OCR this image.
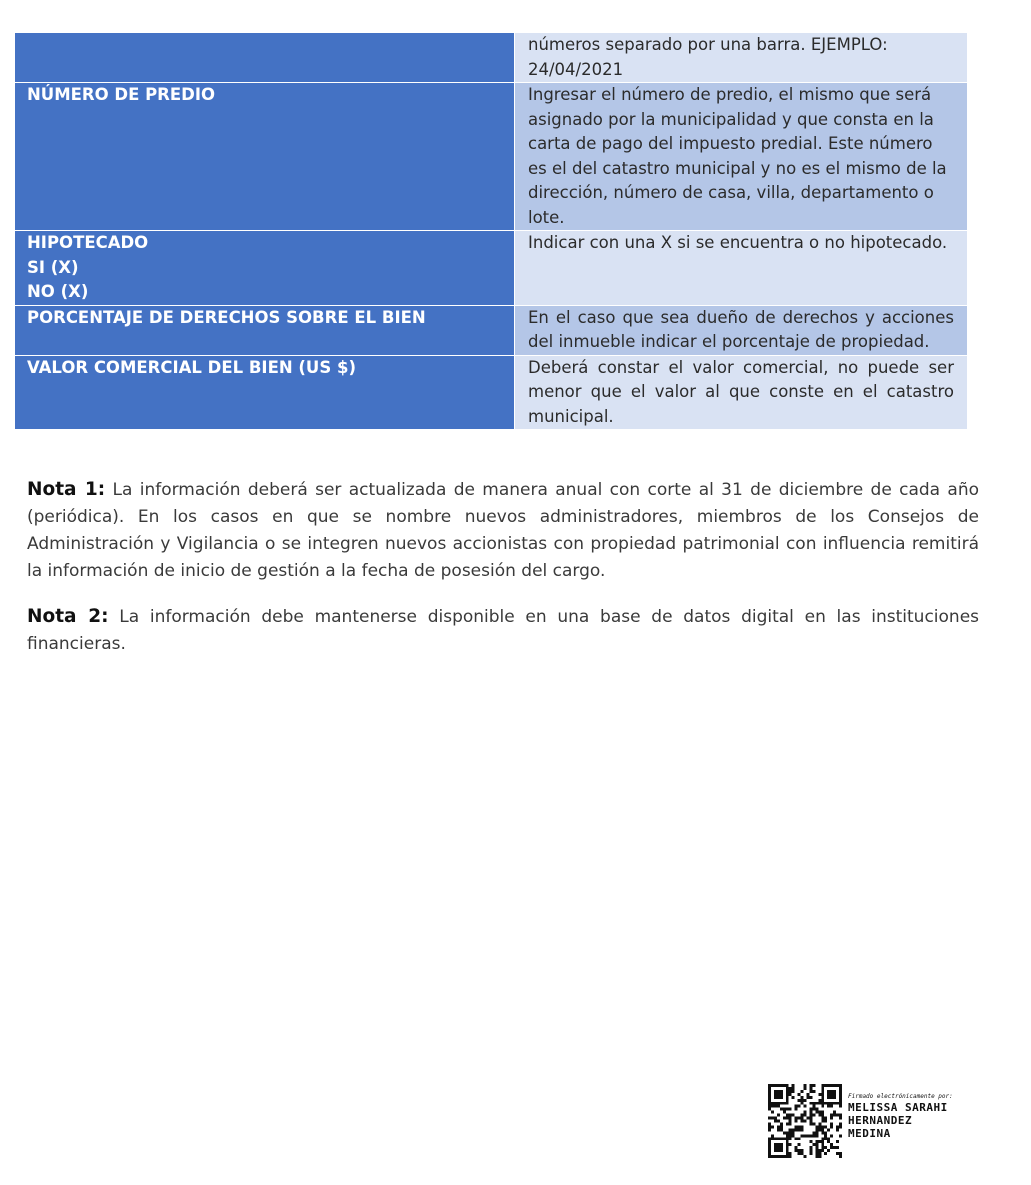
	números separado por una barra. EJEMPLO:
24/04/2021

NÚMERO DE PREDIO	Ingresar el número de predio, el mismo que será asignado por la municipalidad y que consta en la carta de pago del impuesto predial. Este número es el del catastro municipal y no es el mismo de la dirección, número de casa, villa, departamento o lote.

HIPOTECADO
SI (X)
NO (X)	Indicar con una X si se encuentra o no hipotecado.

PORCENTAJE DE DERECHOS SOBRE EL BIEN	En el caso que sea dueño de derechos y acciones del inmueble indicar el porcentaje de propiedad.

VALOR COMERCIAL DEL BIEN (US $)	Deberá constar el valor comercial, no puede ser menor que el valor al que conste en el catastro municipal.

Nota 1: La información deberá ser actualizada de manera anual con corte al 31 de diciembre de cada año (periódica). En los casos en que se nombre nuevos administradores, miembros de los Consejos de Administración y Vigilancia o se integren nuevos accionistas con propiedad patrimonial con influencia remitirá la información de inicio de gestión a la fecha de posesión del cargo.

Nota 2: La información debe mantenerse disponible en una base de datos digital en las instituciones financieras.

Firmado electrónicamente por:
MELISSA SARAHI
HERNANDEZ
MEDINA
